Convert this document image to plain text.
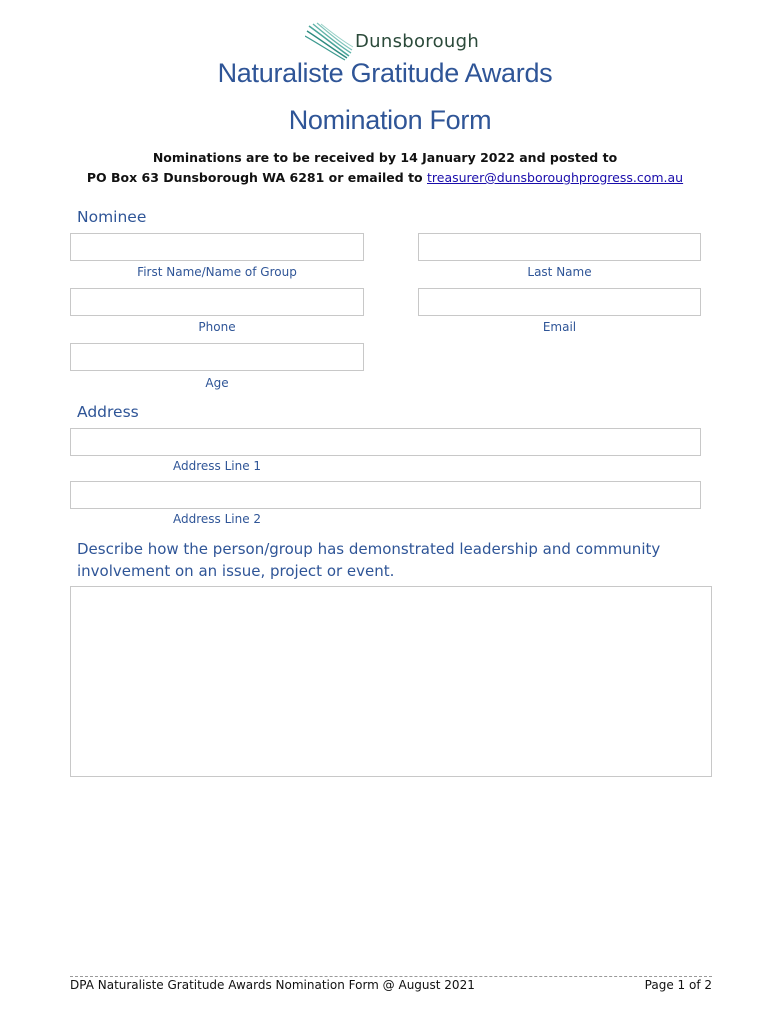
Dunsborough
Naturaliste Gratitude Awards
Nomination Form
Nominations are to be received by 14 January 2022 and posted to
PO Box 63 Dunsborough WA 6281 or emailed to treasurer@dunsboroughprogress.com.au
Nominee
First Name/Name of Group	Last Name
Phone	Email
Age
Address
Address Line 1
Address Line 2
Describe how the person/group has demonstrated leadership and community involvement on an issue, project or event.
DPA Naturaliste Gratitude Awards Nomination Form @ August 2021	Page 1 of 2
